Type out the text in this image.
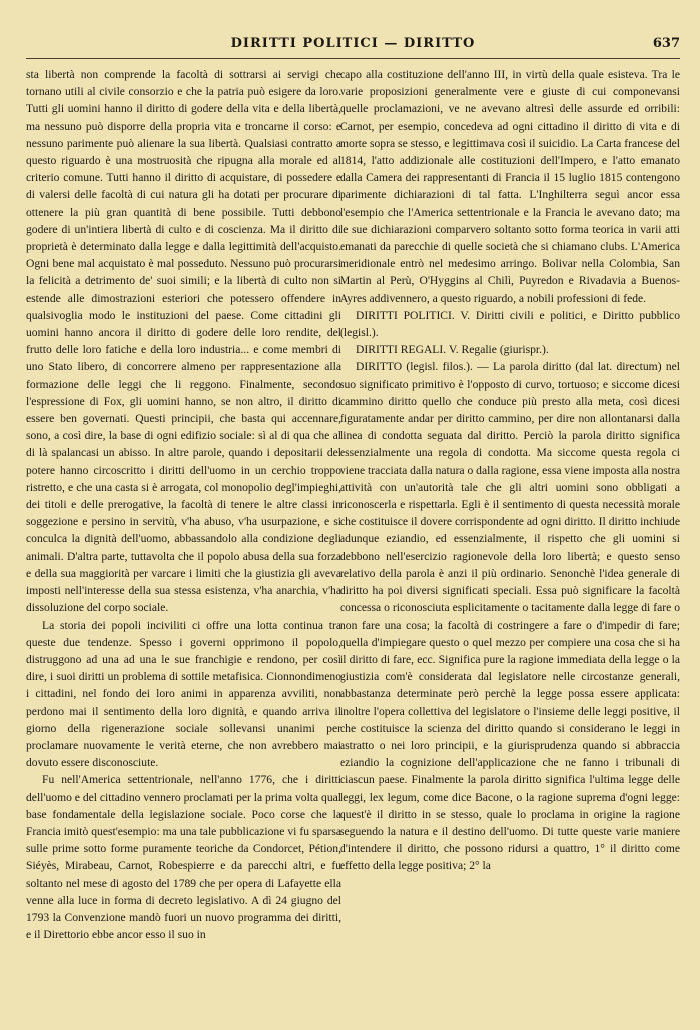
DIRITTI POLITICI — DIRITTO	637

sta libertà non comprende la facoltà di sottrarsi ai servigi che tornano utili al civile consorzio e che la patria può esigere da loro. Tutti gli uomini hanno il diritto di godere della vita e della libertà, ma nessuno può disporre della propria vita e troncarne il corso: e nessuno parimente può alienare la sua libertà. Qualsiasi contratto a questo riguardo è una mostruosità che ripugna alla morale ed al criterio comune. Tutti hanno il diritto di acquistare, di possedere e di valersi delle facoltà di cui natura gli ha dotati per procurare di ottenere la più gran quantità di bene possibile. Tutti debbono godere di un'intiera libertà di culto e di coscienza. Ma il diritto di proprietà è determinato dalla legge e dalla legittimità dell'acquisto. Ogni bene mal acquistato è mal posseduto. Nessuno può procurarsi la felicità a detrimento de' suoi simili; e la libertà di culto non si estende alle dimostrazioni esteriori che potessero offendere in qualsivoglia modo le instituzioni del paese. Come cittadini gli uomini hanno ancora il diritto di godere delle loro rendite, del frutto delle loro fatiche e della loro industria... e come membri di uno Stato libero, di concorrere almeno per rappresentazione alla formazione delle leggi che li reggono. Finalmente, secondo l'espressione di Fox, gli uomini hanno, se non altro, il diritto di essere ben governati. Questi principii, che basta qui accennare, sono, a così dire, la base di ogni edifizio sociale: sì al di qua che al di là spalancasi un abisso. In altre parole, quando i depositarii del potere hanno circoscritto i diritti dell'uomo in un cerchio troppo ristretto, e che una casta si è arrogata, col monopolio degl'impieghi, dei titoli e delle prerogative, la facoltà di tenere le altre classi in soggezione e persino in servitù, v'ha abuso, v'ha usurpazione, e si conculca la dignità dell'uomo, abbassandolo alla condizione degli animali. D'altra parte, tuttavolta che il popolo abusa della sua forza e della sua maggiorità per varcare i limiti che la giustizia gli aveva imposti nell'interesse della sua stessa esistenza, v'ha anarchia, v'ha dissoluzione del corpo sociale.

La storia dei popoli inciviliti ci offre una lotta continua tra queste due tendenze. Spesso i governi opprimono il popolo, distruggono ad una ad una le sue franchigie e rendono, per così dire, i suoi diritti un problema di sottile metafisica. Cionnondimeno i cittadini, nel fondo dei loro animi in apparenza avviliti, non perdono mai il sentimento della loro dignità, e quando arriva il giorno della rigenerazione sociale sollevansi unanimi per proclamare nuovamente le verità eterne, che non avrebbero mai dovuto essere disconosciute.

Fu nell'America settentrionale, nell'anno 1776, che i diritti dell'uomo e del cittadino vennero proclamati per la prima volta qual base fondamentale della legislazione sociale. Poco corse che la Francia imitò quest'esempio: ma una tale pubblicazione vi fu sparsa sulle prime sotto forme puramente teoriche da Condorcet, Pétion, Siéyès, Mirabeau, Carnot, Robespierre e da parecchi altri, e fu soltanto nel mese di agosto del 1789 che per opera di Lafayette ella venne alla luce in forma di decreto legislativo. A dì 24 giugno del 1793 la Convenzione mandò fuori un nuovo programma dei diritti, e il Direttorio ebbe ancor esso il suo in

capo alla costituzione dell'anno III, in virtù della quale esisteva. Tra le varie proposizioni generalmente vere e giuste di cui componevansi quelle proclamazioni, ve ne avevano altresì delle assurde ed orribili: Carnot, per esempio, concedeva ad ogni cittadino il diritto di vita e di morte sopra se stesso, e legittimava così il suicidio. La Carta francese del 1814, l'atto addizionale alle costituzioni dell'Impero, e l'atto emanato dalla Camera dei rappresentanti di Francia il 15 luglio 1815 contengono parimente dichiarazioni di tal fatta. L'Inghilterra seguì ancor essa l'esempio che l'America settentrionale e la Francia le avevano dato; ma le sue dichiarazioni comparvero soltanto sotto forma teorica in varii atti emanati da parecchie di quelle società che si chiamano clubs. L'America meridionale entrò nel medesimo arringo. Bolivar nella Colombia, San Martin al Perù, O'Hyggins al Chilì, Puyredon e Rivadavia a Buenos-Ayres addivennero, a questo riguardo, a nobili professioni di fede.

DIRITTI POLITICI. V. Diritti civili e politici, e Diritto pubblico (legisl.).

DIRITTI REGALI. V. Regalie (giurispr.).

DIRITTO (legisl. filos.). — La parola diritto (dal lat. directum) nel suo significato primitivo è l'opposto di curvo, tortuoso; e siccome dicesi cammino diritto quello che conduce più presto alla meta, così dicesi figuratamente andar per diritto cammino, per dire non allontanarsi dalla linea di condotta seguata dal diritto. Perciò la parola diritto significa essenzialmente una regola di condotta. Ma siccome questa regola ci viene tracciata dalla natura o dalla ragione, essa viene imposta alla nostra attività con un'autorità tale che gli altri uomini sono obbligati a riconoscerla e rispettarla. Egli è il sentimento di questa necessità morale che costituisce il dovere corrispondente ad ogni diritto. Il diritto inchiude adunque eziandio, ed essenzialmente, il rispetto che gli uomini si debbono nell'esercizio ragionevole della loro libertà; e questo senso relativo della parola è anzi il più ordinario. Senonchè l'idea generale di diritto ha poi diversi significati speciali. Essa può significare la facoltà concessa o riconosciuta esplicitamente o tacitamente dalla legge di fare o non fare una cosa; la facoltà di costringere a fare o d'impedir di fare; quella d'impiegare questo o quel mezzo per compiere una cosa che si ha il diritto di fare, ecc. Significa pure la ragione immediata della legge o la giustizia com'è considerata dal legislatore nelle circostanze generali, abbastanza determinate però perchè la legge possa essere applicata: inoltre l'opera collettiva del legislatore o l'insieme delle leggi positive, il che costituisce la scienza del diritto quando si considerano le leggi in astratto o nei loro principii, e la giurisprudenza quando si abbraccia eziandio la cognizione dell'applicazione che ne fanno i tribunali di ciascun paese. Finalmente la parola diritto significa l'ultima legge delle leggi, lex legum, come dice Bacone, o la ragione suprema d'ogni legge: quest'è il diritto in se stesso, quale lo proclama in origine la ragione seguendo la natura e il destino dell'uomo. Di tutte queste varie maniere d'intendere il diritto, che possono ridursi a quattro, 1° il diritto come effetto della legge positiva; 2° la
